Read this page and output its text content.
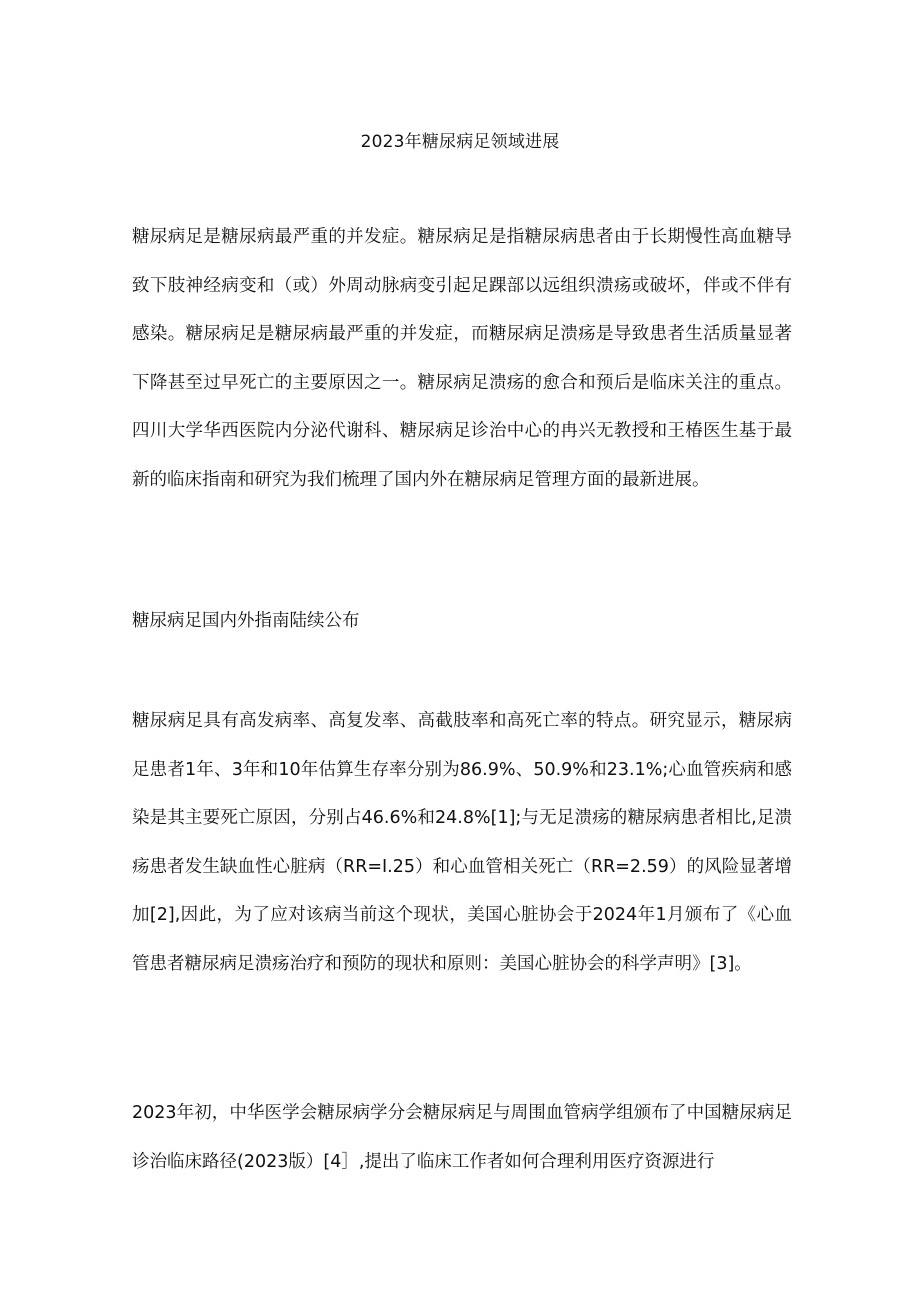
2023年糖尿病足领域进展

糖尿病足是糖尿病最严重的并发症。糖尿病足是指糖尿病患者由于长期慢性高血糖导致下肢神经病变和（或）外周动脉病变引起足踝部以远组织溃疡或破坏，伴或不伴有感染。糖尿病足是糖尿病最严重的并发症，而糖尿病足溃疡是导致患者生活质量显著下降甚至过早死亡的主要原因之一。糖尿病足溃疡的愈合和预后是临床关注的重点。四川大学华西医院内分泌代谢科、糖尿病足诊治中心的冉兴无教授和王椿医生基于最新的临床指南和研究为我们梳理了国内外在糖尿病足管理方面的最新进展。

糖尿病足国内外指南陆续公布

糖尿病足具有高发病率、高复发率、高截肢率和高死亡率的特点。研究显示，糖尿病足患者1年、3年和10年估算生存率分别为86.9%、50.9%和23.1%;心血管疾病和感染是其主要死亡原因，分别占46.6%和24.8%[1];与无足溃疡的糖尿病患者相比,足溃疡患者发生缺血性心脏病（RR=I.25）和心血管相关死亡（RR=2.59）的风险显著增加[2],因此，为了应对该病当前这个现状，美国心脏协会于2024年1月颁布了《心血管患者糖尿病足溃疡治疗和预防的现状和原则：美国心脏协会的科学声明》[3]。

2023年初，中华医学会糖尿病学分会糖尿病足与周围血管病学组颁布了中国糖尿病足诊治临床路径(2023版）[4］,提出了临床工作者如何合理利用医疗资源进行
